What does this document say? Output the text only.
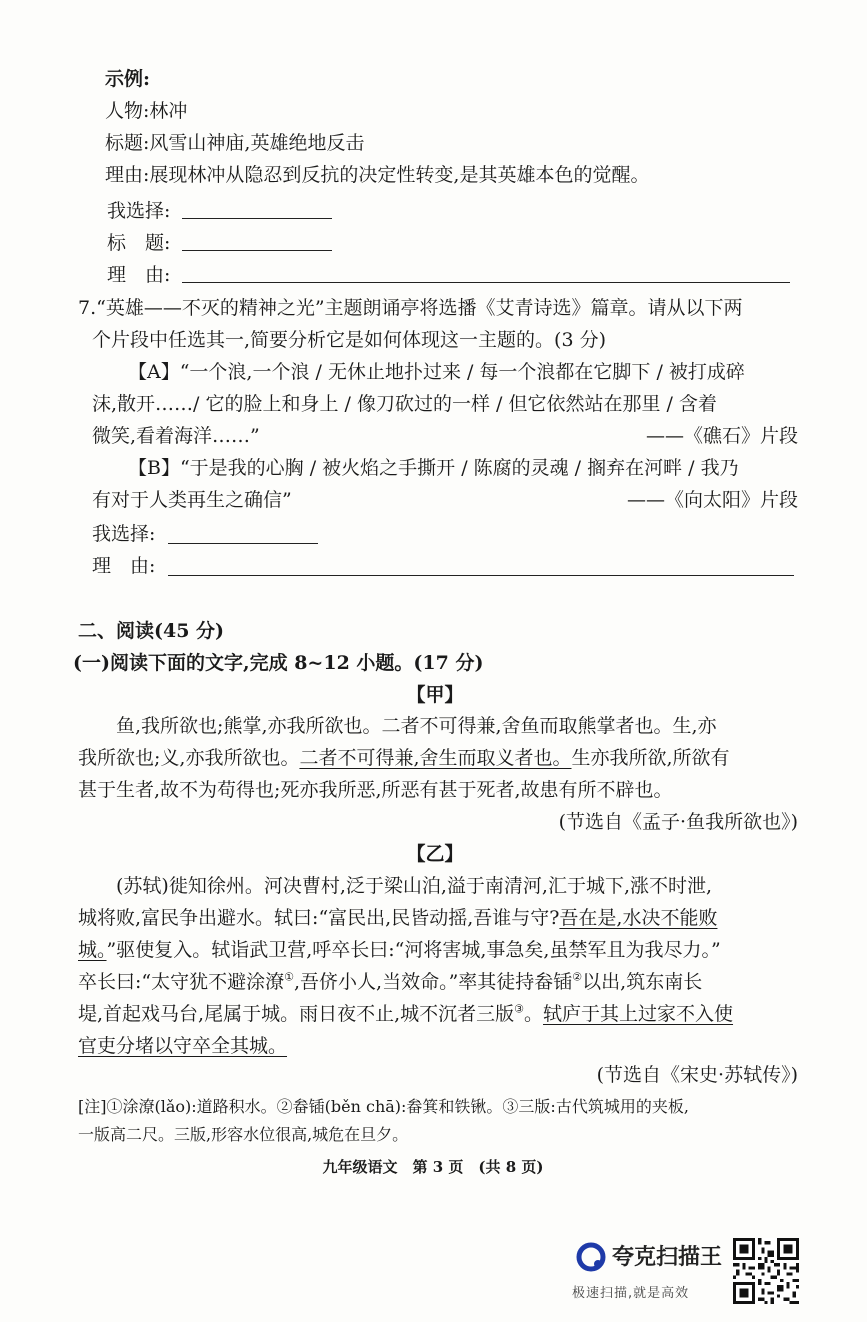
示例:
人物:林冲
标题:风雪山神庙,英雄绝地反击
理由:展现林冲从隐忍到反抗的决定性转变,是其英雄本色的觉醒。
我选择:
标　题:
理　由:
7.“英雄——不灭的精神之光”主题朗诵亭将选播《艾青诗选》篇章。请从以下两
个片段中任选其一,简要分析它是如何体现这一主题的。(3 分)
【A】“一个浪,一个浪 / 无休止地扑过来 / 每一个浪都在它脚下 / 被打成碎
沫,散开……/ 它的脸上和身上 / 像刀砍过的一样 / 但它依然站在那里 / 含着
微笑,看着海洋……”	——《礁石》片段
【B】“于是我的心胸 / 被火焰之手撕开 / 陈腐的灵魂 / 搁弃在河畔 / 我乃
有对于人类再生之确信”	——《向太阳》片段
我选择:
理　由:
二、阅读(45 分)
(一)阅读下面的文字,完成 8~12 小题。(17 分)
【甲】
鱼,我所欲也;熊掌,亦我所欲也。二者不可得兼,舍鱼而取熊掌者也。生,亦
我所欲也;义,亦我所欲也。二者不可得兼,舍生而取义者也。生亦我所欲,所欲有
甚于生者,故不为苟得也;死亦我所恶,所恶有甚于死者,故患有所不辟也。
(节选自《孟子·鱼我所欲也》)
【乙】
(苏轼)徙知徐州。河决曹村,泛于梁山泊,溢于南清河,汇于城下,涨不时泄,
城将败,富民争出避水。轼曰:“富民出,民皆动摇,吾谁与守?吾在是,水决不能败
城。”驱使复入。轼诣武卫营,呼卒长曰:“河将害城,事急矣,虽禁军且为我尽力。”
卒长曰:“太守犹不避涂潦①,吾侪小人,当效命。”率其徒持畚锸②以出,筑东南长
堤,首起戏马台,尾属于城。雨日夜不止,城不沉者三版③。轼庐于其上过家不入使
官吏分堵以守卒全其城。
(节选自《宋史·苏轼传》)
[注]①涂潦(lǎo):道路积水。②畚锸(běn chā):畚箕和铁锹。③三版:古代筑城用的夹板,
一版高二尺。三版,形容水位很高,城危在旦夕。
九年级语文　第 3 页　(共 8 页)
夸克扫描王
极速扫描,就是高效
